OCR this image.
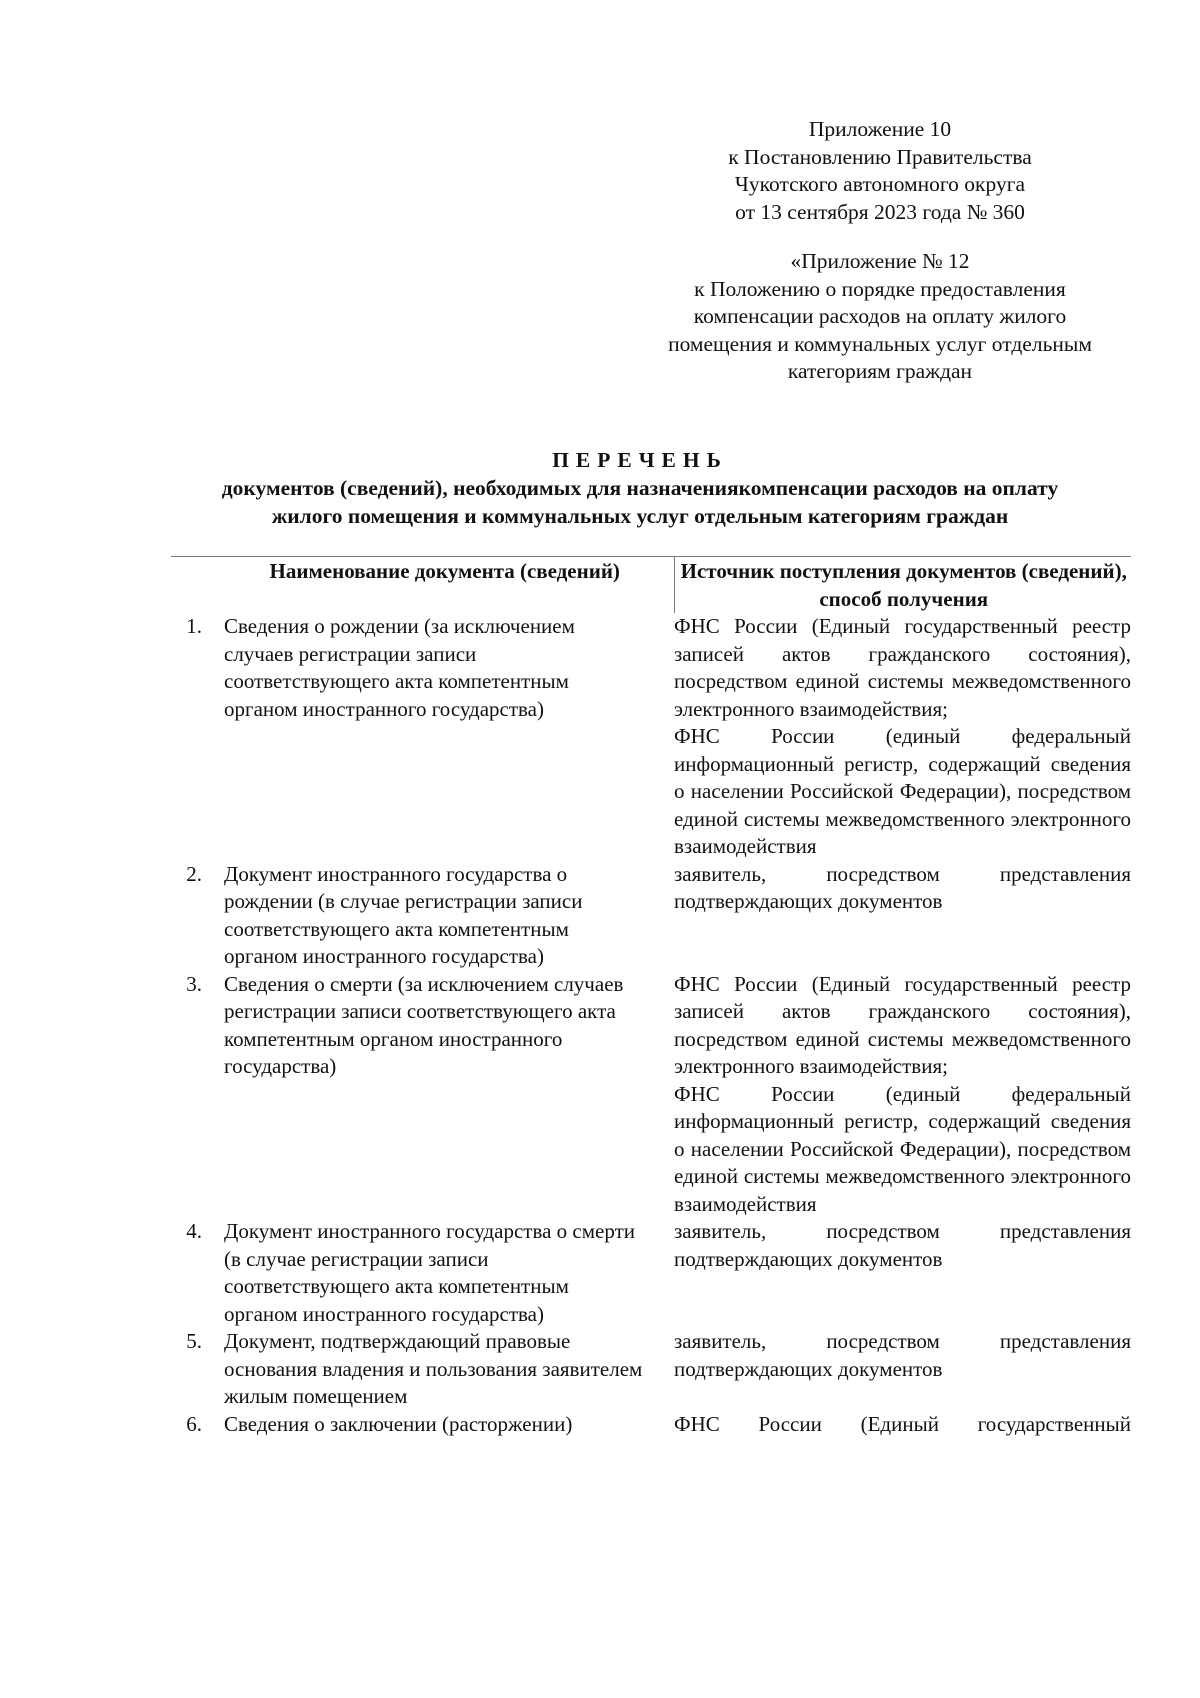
Приложение 10
к Постановлению Правительства
Чукотского автономного округа
от 13 сентября 2023 года № 360
«Приложение № 12
к Положению о порядке предоставления
компенсации расходов на оплату жилого
помещения и коммунальных услуг отдельным
категориям граждан
ПЕРЕЧЕНЬ
документов (сведений), необходимых для назначениякомпенсации расходов на оплату
жилого помещения и коммунальных услуг отдельным категориям граждан
	Наименование документа (сведений)	Источник поступления документов (сведений), способ получения
1.	Сведения о рождении (за исключением случаев регистрации записи соответствующего акта компетентным органом иностранного государства)	ФНС России (Единый государственный реестр записей актов гражданского состояния), посредством единой системы межведомственного электронного взаимодействия;
ФНС России (единый федеральный информационный регистр, содержащий сведения о населении Российской Федерации), посредством единой системы межведомственного электронного взаимодействия

2.	Документ иностранного государства о рождении (в случае регистрации записи соответствующего акта компетентным органом иностранного государства)	заявитель, посредством представления подтверждающих документов

3.	Сведения о смерти (за исключением случаев регистрации записи соответствующего акта компетентным органом иностранного государства)	ФНС России (Единый государственный реестр записей актов гражданского состояния), посредством единой системы межведомственного электронного взаимодействия;
ФНС России (единый федеральный информационный регистр, содержащий сведения о населении Российской Федерации), посредством единой системы межведомственного электронного взаимодействия

4.	Документ иностранного государства о смерти (в случае регистрации записи соответствующего акта компетентным органом иностранного государства)	заявитель, посредством представления подтверждающих документов

5.	Документ, подтверждающий правовые основания владения и пользования заявителем жилым помещением	заявитель, посредством представления подтверждающих документов

6.	Сведения о заключении (расторжении)	ФНС России (Единый государственный
